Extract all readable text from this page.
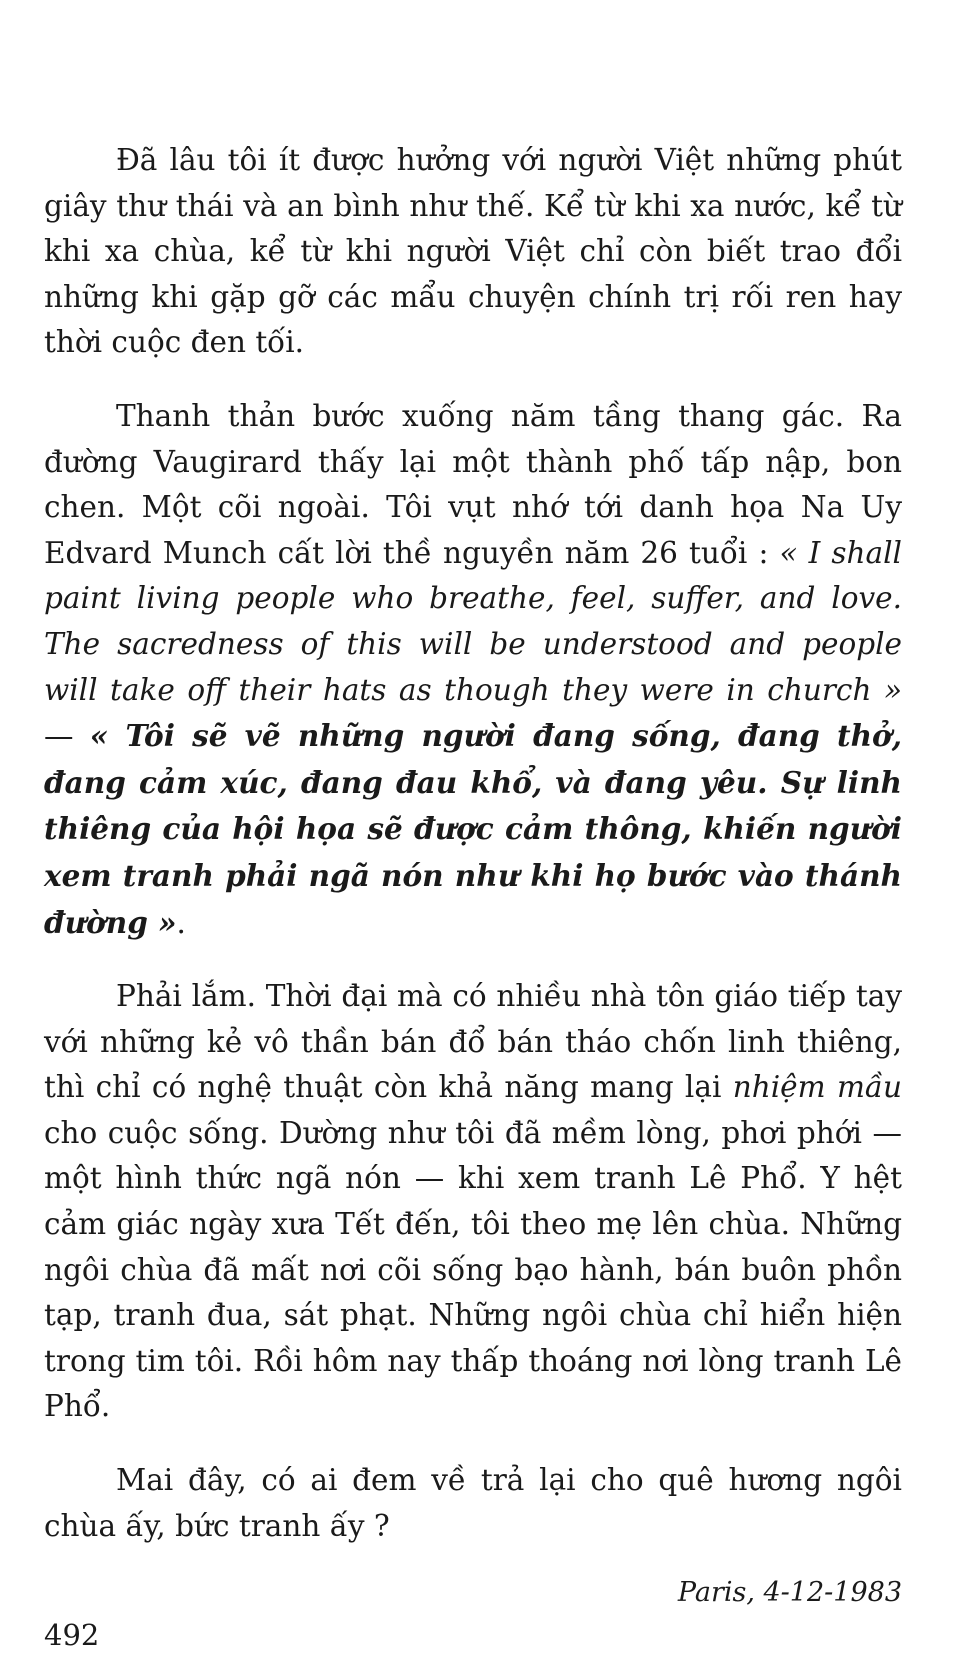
Đã lâu tôi ít được hưởng với người Việt những phút giây thư thái và an bình như thế. Kể từ khi xa nước, kể từ khi xa chùa, kể từ khi người Việt chỉ còn biết trao đổi những khi gặp gỡ các mẩu chuyện chính trị rối ren hay thời cuộc đen tối.

Thanh thản bước xuống năm tầng thang gác. Ra đường Vaugirard thấy lại một thành phố tấp nập, bon chen. Một cõi ngoài. Tôi vụt nhớ tới danh họa Na Uy Edvard Munch cất lời thề nguyền năm 26 tuổi : « I shall paint living people who breathe, feel, suffer, and love. The sacredness of this will be understood and people will take off their hats as though they were in church » — « Tôi sẽ vẽ những người đang sống, đang thở, đang cảm xúc, đang đau khổ, và đang yêu. Sự linh thiêng của hội họa sẽ được cảm thông, khiến người xem tranh phải ngã nón như khi họ bước vào thánh đường ».

Phải lắm. Thời đại mà có nhiều nhà tôn giáo tiếp tay với những kẻ vô thần bán đổ bán tháo chốn linh thiêng, thì chỉ có nghệ thuật còn khả năng mang lại nhiệm mầu cho cuộc sống. Dường như tôi đã mềm lòng, phơi phới — một hình thức ngã nón — khi xem tranh Lê Phổ. Y hệt cảm giác ngày xưa Tết đến, tôi theo mẹ lên chùa. Những ngôi chùa đã mất nơi cõi sống bạo hành, bán buôn phồn tạp, tranh đua, sát phạt. Những ngôi chùa chỉ hiển hiện trong tim tôi. Rồi hôm nay thấp thoáng nơi lòng tranh Lê Phổ.

Mai đây, có ai đem về trả lại cho quê hương ngôi chùa ấy, bức tranh ấy ?

Paris, 4-12-1983

492
